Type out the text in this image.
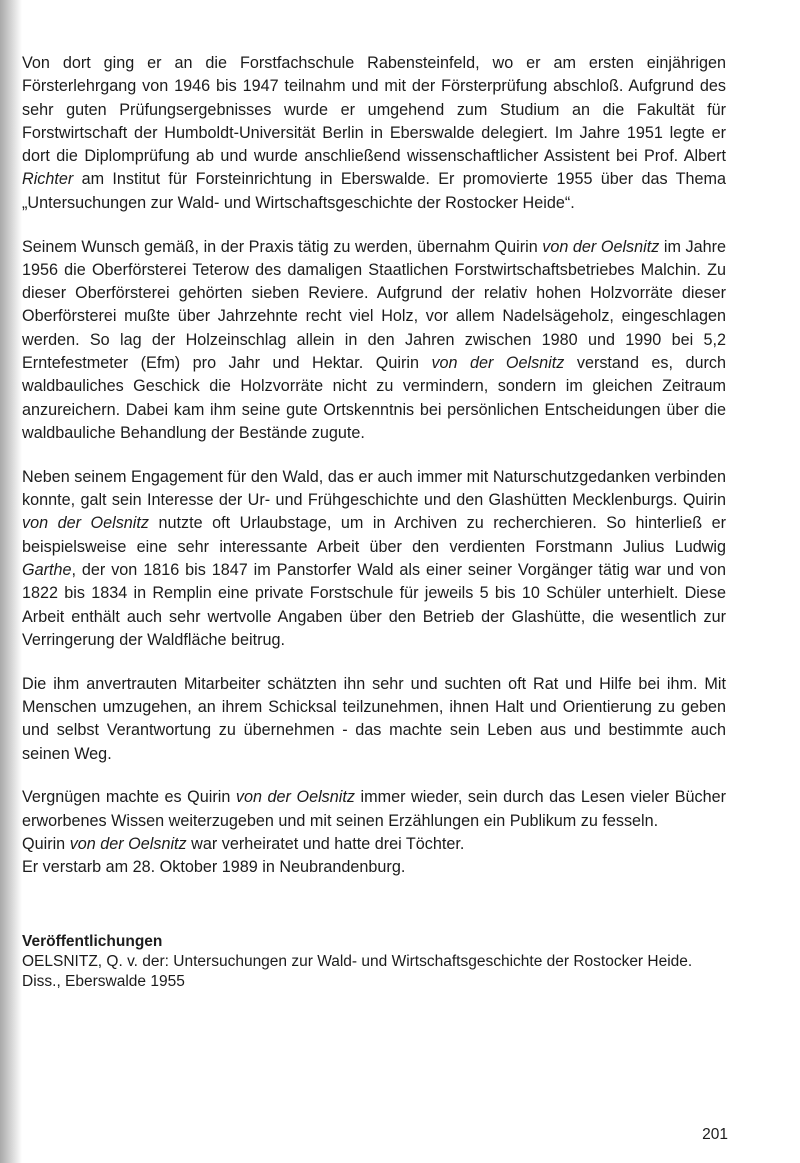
Von dort ging er an die Forstfachschule Rabensteinfeld, wo er am ersten einjährigen Försterlehrgang von 1946 bis 1947 teilnahm und mit der Försterprüfung abschloß. Aufgrund des sehr guten Prüfungsergebnisses wurde er umgehend zum Studium an die Fakultät für Forstwirtschaft der Humboldt-Universität Berlin in Eberswalde delegiert. Im Jahre 1951 legte er dort die Diplomprüfung ab und wurde anschließend wissenschaftlicher Assistent bei Prof. Albert Richter am Institut für Forsteinrichtung in Eberswalde. Er promovierte 1955 über das Thema „Untersuchungen zur Wald- und Wirtschaftsgeschichte der Rostocker Heide“.

Seinem Wunsch gemäß, in der Praxis tätig zu werden, übernahm Quirin von der Oelsnitz im Jahre 1956 die Oberförsterei Teterow des damaligen Staatlichen Forstwirtschaftsbetriebes Malchin. Zu dieser Oberförsterei gehörten sieben Reviere. Aufgrund der relativ hohen Holzvorräte dieser Oberförsterei mußte über Jahrzehnte recht viel Holz, vor allem Nadelsägeholz, eingeschlagen werden. So lag der Holzeinschlag allein in den Jahren zwischen 1980 und 1990 bei 5,2 Erntefestmeter (Efm) pro Jahr und Hektar. Quirin von der Oelsnitz verstand es, durch waldbauliches Geschick die Holzvorräte nicht zu vermindern, sondern im gleichen Zeitraum anzureichern. Dabei kam ihm seine gute Ortskenntnis bei persönlichen Entscheidungen über die waldbauliche Behandlung der Bestände zugute.

Neben seinem Engagement für den Wald, das er auch immer mit Naturschutzgedanken verbinden konnte, galt sein Interesse der Ur- und Frühgeschichte und den Glashütten Mecklenburgs. Quirin von der Oelsnitz nutzte oft Urlaubstage, um in Archiven zu recherchieren. So hinterließ er beispielsweise eine sehr interessante Arbeit über den verdienten Forstmann Julius Ludwig Garthe, der von 1816 bis 1847 im Panstorfer Wald als einer seiner Vorgänger tätig war und von 1822 bis 1834 in Remplin eine private Forstschule für jeweils 5 bis 10 Schüler unterhielt. Diese Arbeit enthält auch sehr wertvolle Angaben über den Betrieb der Glashütte, die wesentlich zur Verringerung der Waldfläche beitrug.

Die ihm anvertrauten Mitarbeiter schätzten ihn sehr und suchten oft Rat und Hilfe bei ihm. Mit Menschen umzugehen, an ihrem Schicksal teilzunehmen, ihnen Halt und Orientierung zu geben und selbst Verantwortung zu übernehmen - das machte sein Leben aus und bestimmte auch seinen Weg.

Vergnügen machte es Quirin von der Oelsnitz immer wieder, sein durch das Lesen vieler Bücher erworbenes Wissen weiterzugeben und mit seinen Erzählungen ein Publikum zu fesseln.

Quirin von der Oelsnitz war verheiratet und hatte drei Töchter.

Er verstarb am 28. Oktober 1989 in Neubrandenburg.

Veröffentlichungen

OELSNITZ, Q. v. der: Untersuchungen zur Wald- und Wirtschaftsgeschichte der Rostocker Heide. Diss., Eberswalde 1955

201
